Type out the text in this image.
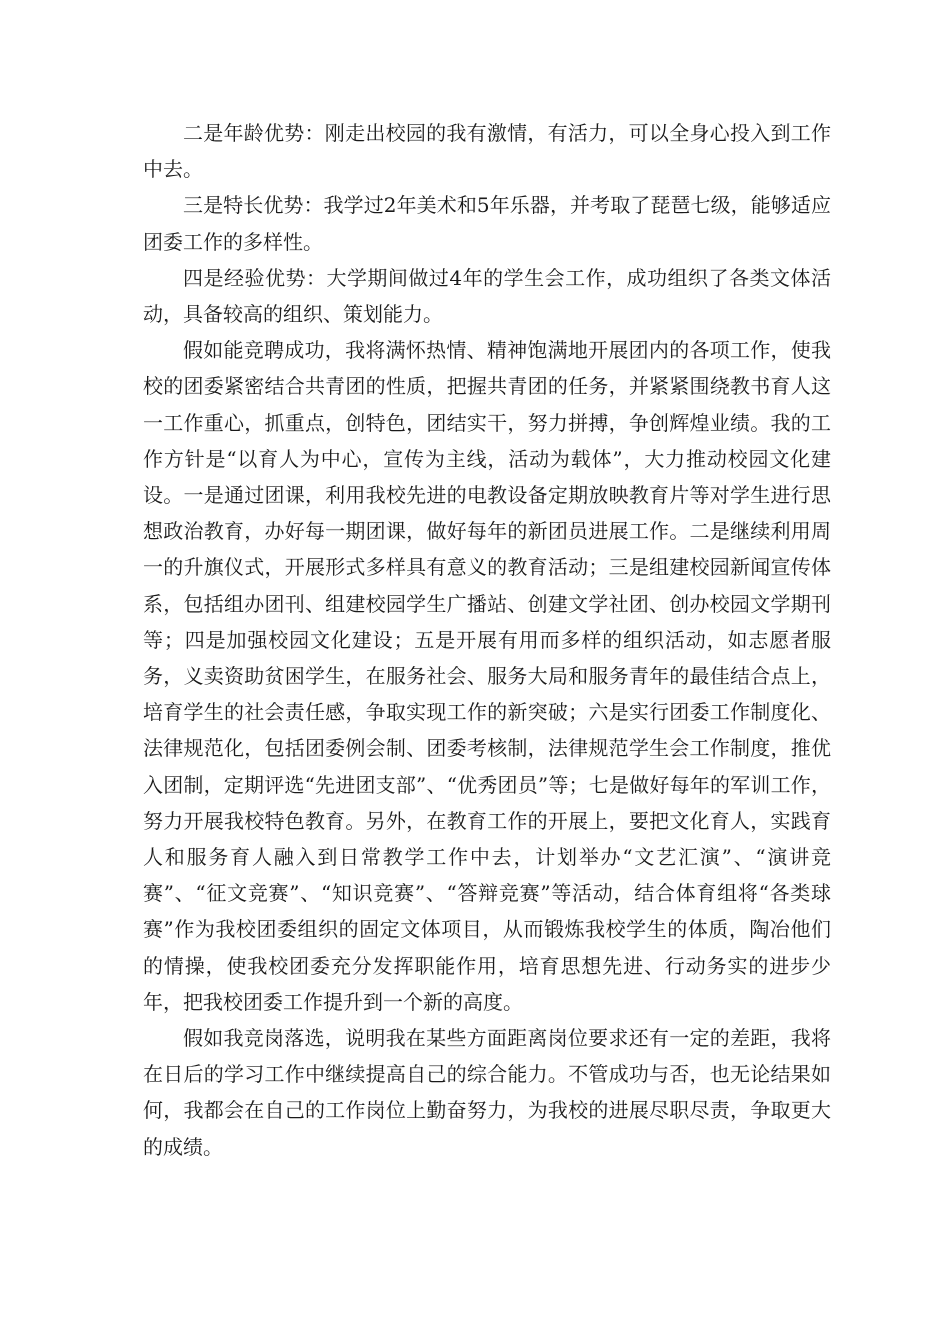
二是年龄优势：刚走出校园的我有激情，有活力，可以全身心投入到工作中去。

三是特长优势：我学过2年美术和5年乐器，并考取了琵琶七级，能够适应团委工作的多样性。

四是经验优势：大学期间做过4年的学生会工作，成功组织了各类文体活动，具备较高的组织、策划能力。

假如能竞聘成功，我将满怀热情、精神饱满地开展团内的各项工作，使我校的团委紧密结合共青团的性质，把握共青团的任务，并紧紧围绕教书育人这一工作重心，抓重点，创特色，团结实干，努力拼搏，争创辉煌业绩。我的工作方针是“以育人为中心，宣传为主线，活动为载体”，大力推动校园文化建设。一是通过团课，利用我校先进的电教设备定期放映教育片等对学生进行思想政治教育，办好每一期团课，做好每年的新团员进展工作。二是继续利用周一的升旗仪式，开展形式多样具有意义的教育活动；三是组建校园新闻宣传体系，包括组办团刊、组建校园学生广播站、创建文学社团、创办校园文学期刊等；四是加强校园文化建设；五是开展有用而多样的组织活动，如志愿者服务，义卖资助贫困学生，在服务社会、服务大局和服务青年的最佳结合点上，培育学生的社会责任感，争取实现工作的新突破；六是实行团委工作制度化、法律规范化，包括团委例会制、团委考核制，法律规范学生会工作制度，推优入团制，定期评选“先进团支部”、“优秀团员”等；七是做好每年的军训工作，努力开展我校特色教育。另外，在教育工作的开展上，要把文化育人，实践育人和服务育人融入到日常教学工作中去，计划举办“文艺汇演”、“演讲竞赛”、“征文竞赛”、“知识竞赛”、“答辩竞赛”等活动，结合体育组将“各类球赛”作为我校团委组织的固定文体项目，从而锻炼我校学生的体质，陶冶他们的情操，使我校团委充分发挥职能作用，培育思想先进、行动务实的进步少年，把我校团委工作提升到一个新的高度。

假如我竞岗落选，说明我在某些方面距离岗位要求还有一定的差距，我将在日后的学习工作中继续提高自己的综合能力。不管成功与否，也无论结果如何，我都会在自己的工作岗位上勤奋努力，为我校的进展尽职尽责，争取更大的成绩。
